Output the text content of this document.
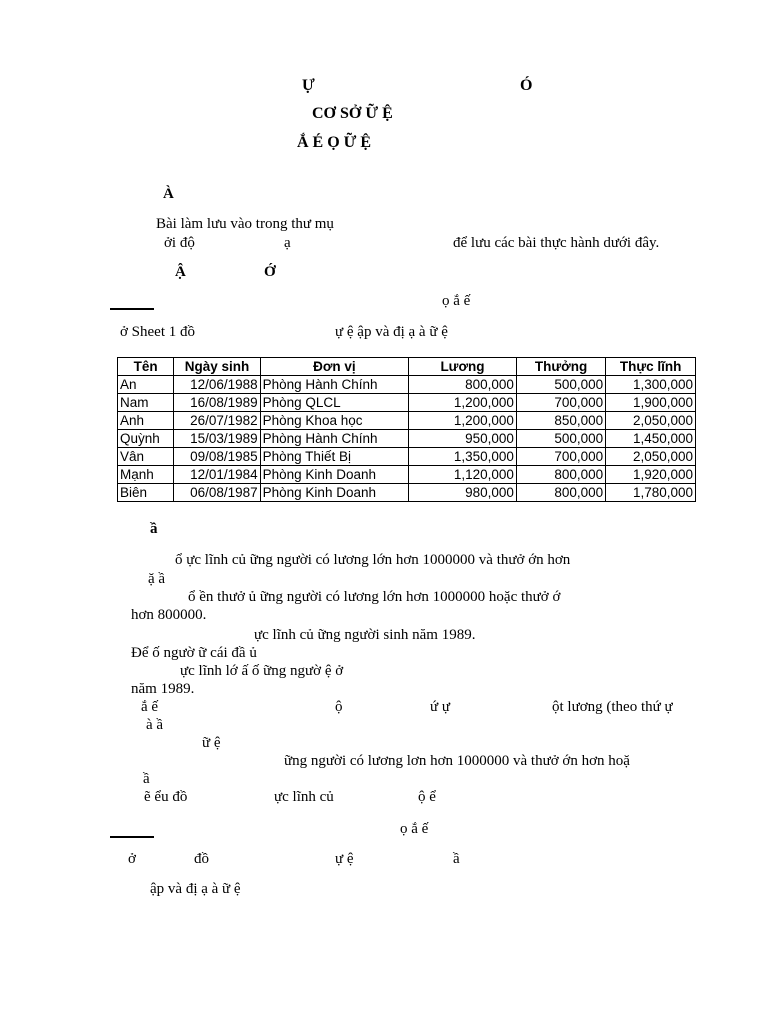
Ự	Ó
CƠ SỞ Ữ Ệ
Ắ É Ọ Ữ Ệ
À
Bài làm lưu vào trong thư mụ
ởi độ	ạ	để lưu các bài thực hành dưới đây.
Ậ	Ớ
ọ ắ ế
ở Sheet 1 đồ	ự ệ ập và đị ạ à ữ ệ
Tên	Ngày sinh	Đơn vị	Lương	Thưởng	Thực lĩnh
An	12/06/1988	Phòng Hành Chính	800,000	500,000	1,300,000
Nam	16/08/1989	Phòng QLCL	1,200,000	700,000	1,900,000
Anh	26/07/1982	Phòng Khoa học	1,200,000	850,000	2,050,000
Quỳnh	15/03/1989	Phòng Hành Chính	950,000	500,000	1,450,000
Vân	09/08/1985	Phòng Thiết Bị	1,350,000	700,000	2,050,000
Mạnh	12/01/1984	Phòng Kinh Doanh	1,120,000	800,000	1,920,000
Biên	06/08/1987	Phòng Kinh Doanh	980,000	800,000	1,780,000
ầ
ổ ực lĩnh củ ững người có lương lớn hơn 1000000 và thưở ớn hơn
ặ ầ
ổ ền thưở ủ ững người có lương lớn hơn 1000000 hoặc thưở ớ
hơn 800000.
ực lĩnh củ ững người sinh năm 1989.
Để ố ngườ ữ cái đầ ủ
ực lĩnh lớ ấ ố ững ngườ ệ ở
năm 1989.
ắ ế	ộ	ứ ự	ột lương (theo thứ ự
à ầ
ữ ệ
ững người có lương lơn hơn 1000000 và thưở ớn hơn hoặ
ầ
ẽ ểu đồ	ực lĩnh củ	ộ ể
ọ ắ ế
ở	đồ	ự ệ	ầ
ập và đị ạ à ữ ệ
